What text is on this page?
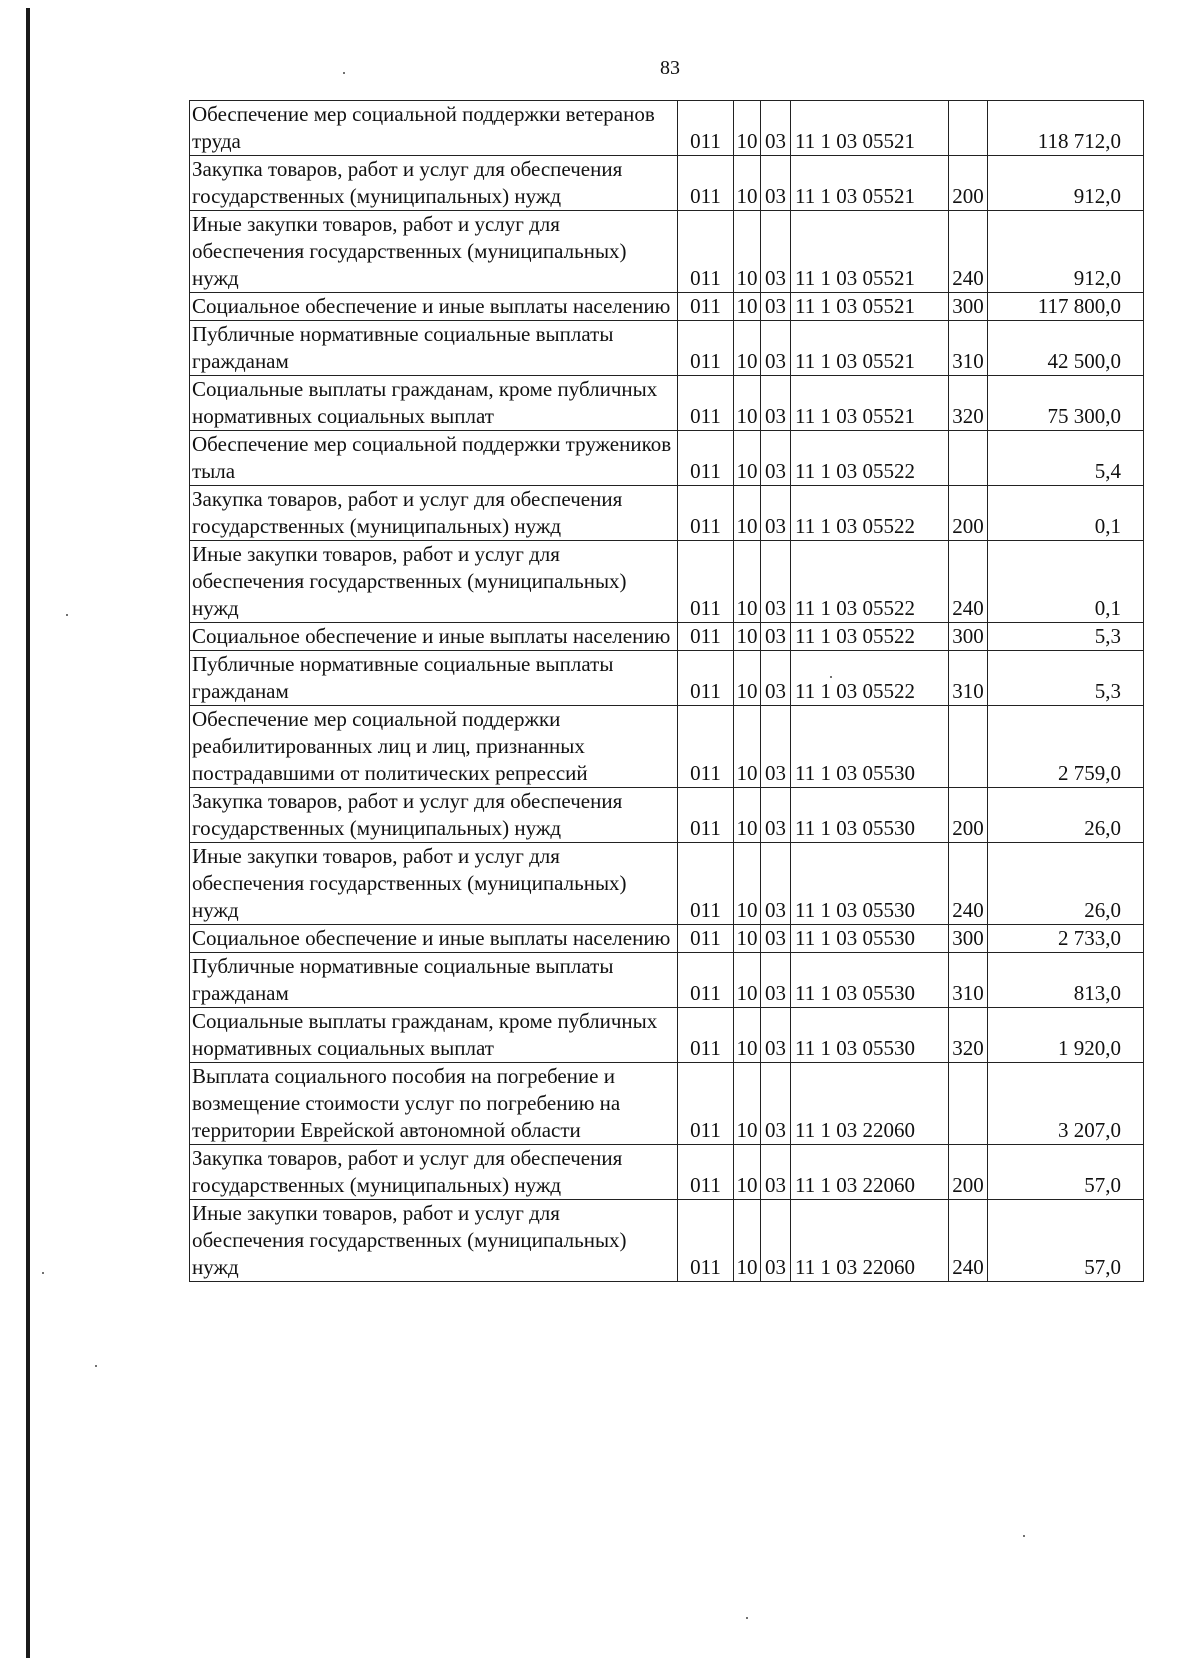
83
Обеспечение мер социальной поддержки ветеранов труда	011	10	03	11 1 03 05521		118 712,0
Закупка товаров, работ и услуг для обеспечения государственных (муниципальных) нужд	011	10	03	11 1 03 05521	200	912,0
Иные закупки товаров, работ и услуг для обеспечения государственных (муниципальных) нужд	011	10	03	11 1 03 05521	240	912,0
Социальное обеспечение и иные выплаты населению	011	10	03	11 1 03 05521	300	117 800,0
Публичные нормативные социальные выплаты гражданам	011	10	03	11 1 03 05521	310	42 500,0
Социальные выплаты гражданам, кроме публичных нормативных социальных выплат	011	10	03	11 1 03 05521	320	75 300,0
Обеспечение мер социальной поддержки тружеников тыла	011	10	03	11 1 03 05522		5,4
Закупка товаров, работ и услуг для обеспечения государственных (муниципальных) нужд	011	10	03	11 1 03 05522	200	0,1
Иные закупки товаров, работ и услуг для обеспечения государственных (муниципальных) нужд	011	10	03	11 1 03 05522	240	0,1
Социальное обеспечение и иные выплаты населению	011	10	03	11 1 03 05522	300	5,3
Публичные нормативные социальные выплаты гражданам	011	10	03	11 1 03 05522	310	5,3
Обеспечение мер социальной поддержки реабилитированных лиц и лиц, признанных пострадавшими от политических репрессий	011	10	03	11 1 03 05530		2 759,0
Закупка товаров, работ и услуг для обеспечения государственных (муниципальных) нужд	011	10	03	11 1 03 05530	200	26,0
Иные закупки товаров, работ и услуг для обеспечения государственных (муниципальных) нужд	011	10	03	11 1 03 05530	240	26,0
Социальное обеспечение и иные выплаты населению	011	10	03	11 1 03 05530	300	2 733,0
Публичные нормативные социальные выплаты гражданам	011	10	03	11 1 03 05530	310	813,0
Социальные выплаты гражданам, кроме публичных нормативных социальных выплат	011	10	03	11 1 03 05530	320	1 920,0
Выплата социального пособия на погребение и возмещение стоимости услуг по погребению на территории Еврейской автономной области	011	10	03	11 1 03 22060		3 207,0
Закупка товаров, работ и услуг для обеспечения государственных (муниципальных) нужд	011	10	03	11 1 03 22060	200	57,0
Иные закупки товаров, работ и услуг для обеспечения государственных (муниципальных) нужд	011	10	03	11 1 03 22060	240	57,0
